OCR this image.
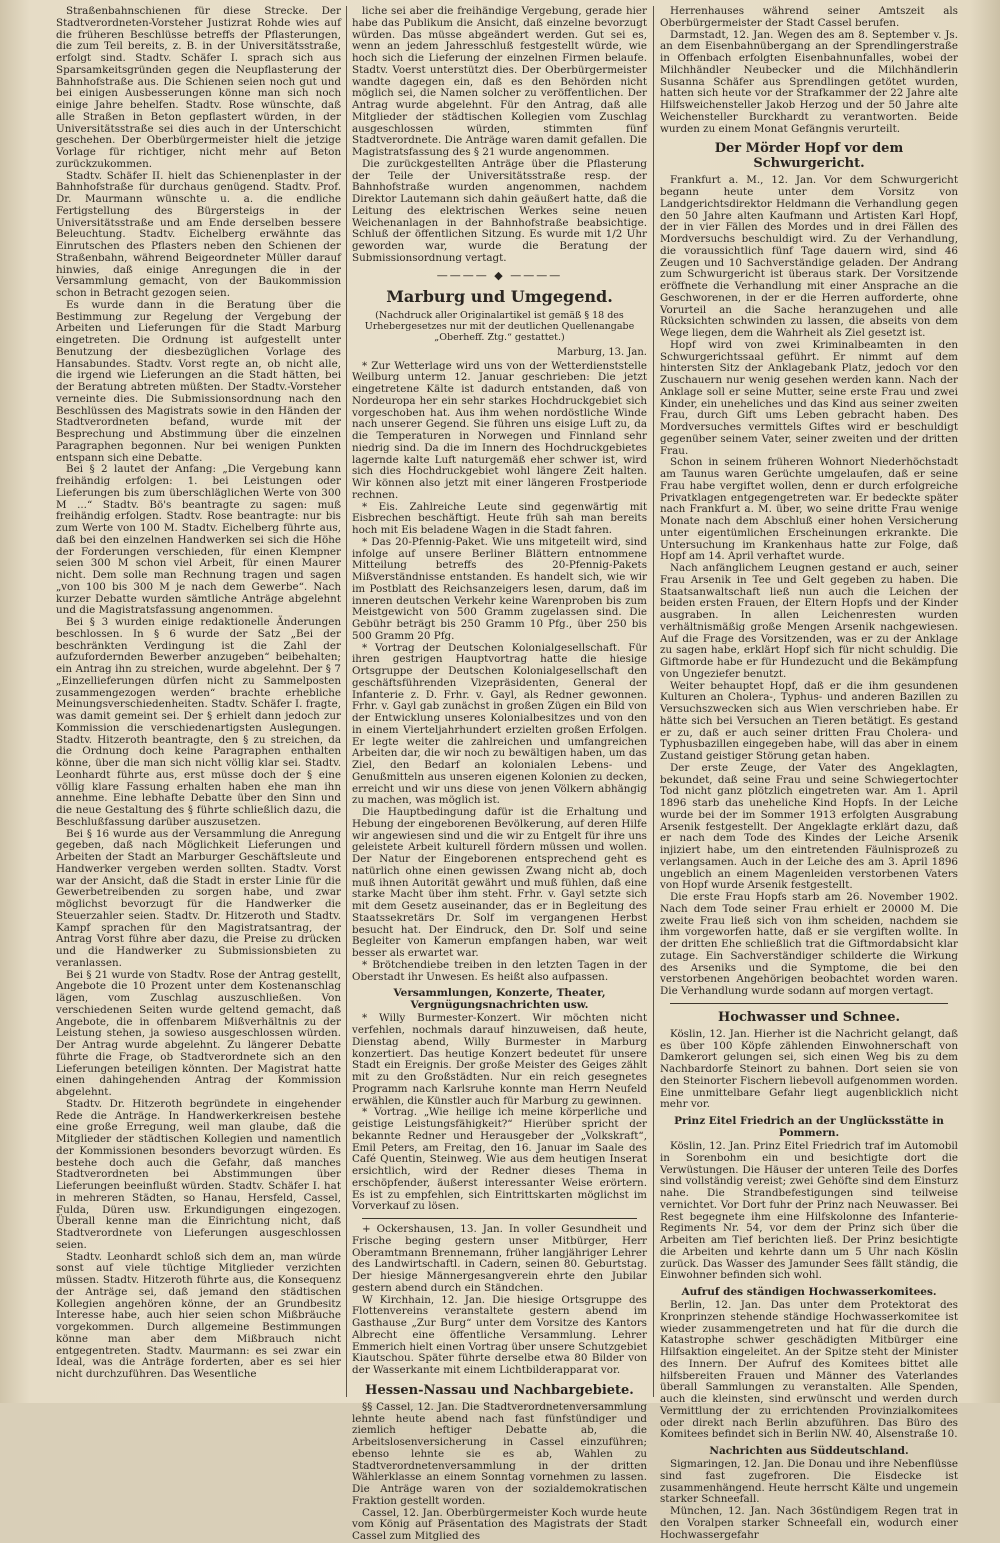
Straßenbahnschienen für diese Strecke. Der Stadtverordneten-Vorsteher Justizrat Rohde wies auf die früheren Beschlüsse betreffs der Pflasterungen, die zum Teil bereits, z. B. in der Universitätsstraße, erfolgt sind. Stadtv. Schäfer I. sprach sich aus Sparsamkeitsgründen gegen die Neupflasterung der Bahnhofstraße aus. Die Schienen seien noch gut und bei einigen Ausbesserungen könne man sich noch einige Jahre behelfen. Stadtv. Rose wünschte, daß alle Straßen in Beton gepflastert würden, in der Universitätsstraße sei dies auch in der Unterschicht geschehen. Der Oberbürgermeister hielt die jetzige Vorlage für richtiger, nicht mehr auf Beton zurückzukommen.

Stadtv. Schäfer II. hielt das Schienenplaster in der Bahnhofstraße für durchaus genügend. Stadtv. Prof. Dr. Maurmann wünschte u. a. die endliche Fertigstellung des Bürgersteigs in der Universitätsstraße und am Ende derselben bessere Beleuchtung. Stadtv. Eichelberg erwähnte das Einrutschen des Pflasters neben den Schienen der Straßenbahn, während Beigeordneter Müller darauf hinwies, daß einige Anregungen die in der Versammlung gemacht, von der Baukommission schon in Betracht gezogen seien.

Es wurde dann in die Beratung über die Bestimmung zur Regelung der Vergebung der Arbeiten und Lieferungen für die Stadt Marburg eingetreten. Die Ordnung ist aufgestellt unter Benutzung der diesbezüglichen Vorlage des Hansabundes. Stadtv. Vorst regte an, ob nicht alle, die irgend wie Lieferungen an die Stadt hätten, bei der Beratung abtreten müßten. Der Stadtv.-Vorsteher verneinte dies. Die Submissionsordnung nach den Beschlüssen des Magistrats sowie in den Händen der Stadtverordneten befand, wurde mit der Besprechung und Abstimmung über die einzelnen Paragraphen begonnen. Nur bei wenigen Punkten entspann sich eine Debatte.

Bei § 2 lautet der Anfang: „Die Vergebung kann freihändig erfolgen: 1. bei Leistungen oder Lieferungen bis zum überschläglichen Werte von 300 M ...“ Stadtv. Bö's beantragte zu sagen: muß freihändig erfolgen. Stadtv. Rose beantragte: nur bis zum Werte von 100 M. Stadtv. Eichelberg führte aus, daß bei den einzelnen Handwerken sei sich die Höhe der Forderungen verschieden, für einen Klempner seien 300 M schon viel Arbeit, für einen Maurer nicht. Dem solle man Rechnung tragen und sagen „von 100 bis 300 M je nach dem Gewerbe“. Nach kurzer Debatte wurden sämtliche Anträge abgelehnt und die Magistratsfassung angenommen.

Bei § 3 wurden einige redaktionelle Änderungen beschlossen. In § 6 wurde der Satz „Bei der beschränkten Verdingung ist die Zahl der aufzufordernden Bewerber anzugeben“ beibehalten; ein Antrag ihn zu streichen, wurde abgelehnt. Der § 7 „Einzellieferungen dürfen nicht zu Sammelposten zusammengezogen werden“ brachte erhebliche Meinungsverschiedenheiten. Stadtv. Schäfer I. fragte, was damit gemeint sei. Der § erhielt dann jedoch zur Kommission die verschiedenartigsten Auslegungen. Stadtv. Hitzeroth beantragte, den § zu streichen, da die Ordnung doch keine Paragraphen enthalten könne, über die man sich nicht völlig klar sei. Stadtv. Leonhardt führte aus, erst müsse doch der § eine völlig klare Fassung erhalten haben ehe man ihn annehme. Eine lebhafte Debatte über den Sinn und die neue Gestaltung des § führte schließlich dazu, die Beschlußfassung darüber auszusetzen.

Bei § 16 wurde aus der Versammlung die Anregung gegeben, daß nach Möglichkeit Lieferungen und Arbeiten der Stadt an Marburger Geschäftsleute und Handwerker vergeben werden sollten. Stadtv. Vorst war der Ansicht, daß die Stadt in erster Linie für die Gewerbetreibenden zu sorgen habe, und zwar möglichst bevorzugt für die Handwerker die Steuerzahler seien. Stadtv. Dr. Hitzeroth und Stadtv. Kampf sprachen für den Magistratsantrag, der Antrag Vorst führe aber dazu, die Preise zu drücken und die Handwerker zu Submissionsbieten zu veranlassen.

Bei § 21 wurde von Stadtv. Rose der Antrag gestellt, Angebote die 10 Prozent unter dem Kostenanschlag lägen, vom Zuschlag auszuschließen. Von verschiedenen Seiten wurde geltend gemacht, daß Angebote, die in offenbarem Mißverhältnis zu der Leistung stehen, ja sowieso ausgeschlossen würden. Der Antrag wurde abgelehnt. Zu längerer Debatte führte die Frage, ob Stadtverordnete sich an den Lieferungen beteiligen könnten. Der Magistrat hatte einen dahingehenden Antrag der Kommission abgelehnt.

Stadtv. Dr. Hitzeroth begründete in eingehender Rede die Anträge. In Handwerkerkreisen bestehe eine große Erregung, weil man glaube, daß die Mitglieder der städtischen Kollegien und namentlich der Kommissionen besonders bevorzugt würden. Es bestehe doch auch die Gefahr, daß manches Stadtverordneten bei Abstimmungen über Lieferungen beeinflußt würden. Stadtv. Schäfer I. hat in mehreren Städten, so Hanau, Hersfeld, Cassel, Fulda, Düren usw. Erkundigungen eingezogen. Überall kenne man die Einrichtung nicht, daß Stadtverordnete von Lieferungen ausgeschlossen seien.

Stadtv. Leonhardt schloß sich dem an, man würde sonst auf viele tüchtige Mitglieder verzichten müssen. Stadtv. Hitzeroth führte aus, die Konsequenz der Anträge sei, daß jemand den städtischen Kollegien angehören könne, der an Grundbesitz Interesse habe, auch hier seien schon Mißbräuche vorgekommen. Durch allgemeine Bestimmungen könne man aber dem Mißbrauch nicht entgegentreten. Stadtv. Maurmann: es sei zwar ein Ideal, was die Anträge forderten, aber es sei hier nicht durchzuführen. Das Wesentliche

liche sei aber die freihändige Vergebung, gerade hier habe das Publikum die Ansicht, daß einzelne bevorzugt würden. Das müsse abgeändert werden. Gut sei es, wenn an jedem Jahresschluß festgestellt würde, wie hoch sich die Lieferung der einzelnen Firmen belaufe. Stadtv. Voerst unterstützt dies. Der Oberbürgermeister wandte dagegen ein, daß es den Behörden nicht möglich sei, die Namen solcher zu veröffentlichen. Der Antrag wurde abgelehnt. Für den Antrag, daß alle Mitglieder der städtischen Kollegien vom Zuschlag ausgeschlossen würden, stimmten fünf Stadtverordnete. Die Anträge waren damit gefallen. Die Magistratsfassung des § 21 wurde angenommen.

Die zurückgestellten Anträge über die Pflasterung der Teile der Universitätsstraße resp. der Bahnhofstraße wurden angenommen, nachdem Direktor Lautemann sich dahin geäußert hatte, daß die Leitung des elektrischen Werkes seine neuen Weichenanlagen in der Bahnhofstraße beabsichtige. Schluß der öffentlichen Sitzung. Es wurde mit 1/2 Uhr geworden war, wurde die Beratung der Submissionsordnung vertagt.

———— ◆ ————
Marburg und Umgegend.
(Nachdruck aller Originalartikel ist gemäß § 18 des Urhebergesetzes nur mit der deutlichen Quellenangabe „Oberheff. Ztg.“ gestattet.)
Marburg, 13. Jan.

* Zur Wetterlage wird uns von der Wetterdienststelle Weilburg unterm 12. Januar geschrieben: Die jetzt eingetretene Kälte ist dadurch entstanden, daß von Nordeuropa her ein sehr starkes Hochdruckgebiet sich vorgeschoben hat. Aus ihm wehen nordöstliche Winde nach unserer Gegend. Sie führen uns eisige Luft zu, da die Temperaturen in Norwegen und Finnland sehr niedrig sind. Da die im Innern des Hochdruckgebietes lagernde kalte Luft naturgemäß eher schwer ist, wird sich dies Hochdruckgebiet wohl längere Zeit halten. Wir können also jetzt mit einer längeren Frostperiode rechnen.

* Eis. Zahlreiche Leute sind gegenwärtig mit Eisbrechen beschäftigt. Heute früh sah man bereits hoch mit Eis beladene Wagen in die Stadt fahren.

* Das 20-Pfennig-Paket. Wie uns mitgeteilt wird, sind infolge auf unsere Berliner Blättern entnommene Mitteilung betreffs des 20-Pfennig-Pakets Mißverständnisse entstanden. Es handelt sich, wie wir im Postblatt des Reichsanzeigers lesen, darum, daß im inneren deutschen Verkehr keine Warenproben bis zum Meistgewicht von 500 Gramm zugelassen sind. Die Gebühr beträgt bis 250 Gramm 10 Pfg., über 250 bis 500 Gramm 20 Pfg.

* Vortrag der Deutschen Kolonialgesellschaft. Für ihren gestrigen Hauptvortrag hatte die hiesige Ortsgruppe der Deutschen Kolonialgesellschaft den geschäftsführenden Vizepräsidenten, General der Infanterie z. D. Frhr. v. Gayl, als Redner gewonnen. Frhr. v. Gayl gab zunächst in großen Zügen ein Bild von der Entwicklung unseres Kolonialbesitzes und von den in einem Vierteljahrhundert erzielten großen Erfolgen. Er legte weiter die zahlreichen und umfangreichen Arbeiten dar, die wir noch zu bewältigen haben, um das Ziel, den Bedarf an kolonialen Lebens- und Genußmitteln aus unseren eigenen Kolonien zu decken, erreicht und wir uns diese von jenen Völkern abhängig zu machen, was möglich ist.

Die Hauptbedingung dafür ist die Erhaltung und Hebung der eingeborenen Bevölkerung, auf deren Hilfe wir angewiesen sind und die wir zu Entgelt für ihre uns geleistete Arbeit kulturell fördern müssen und wollen. Der Natur der Eingeborenen entsprechend geht es natürlich ohne einen gewissen Zwang nicht ab, doch muß ihnen Autorität gewährt und muß fühlen, daß eine starke Macht über ihm steht. Frhr. v. Gayl setzte sich mit dem Gesetz auseinander, das er in Begleitung des Staatssekretärs Dr. Solf im vergangenen Herbst besucht hat. Der Eindruck, den Dr. Solf und seine Begleiter von Kamerun empfangen haben, war weit besser als erwartet war.

* Brötchendiebe treiben in den letzten Tagen in der Oberstadt ihr Unwesen. Es heißt also aufpassen.

Versammlungen, Konzerte, Theater, Vergnügungsnachrichten usw.

* Willy Burmester-Konzert. Wir möchten nicht verfehlen, nochmals darauf hinzuweisen, daß heute, Dienstag abend, Willy Burmester in Marburg konzertiert. Das heutige Konzert bedeutet für unsere Stadt ein Ereignis. Der große Meister des Geiges zählt mit zu den Großstädten. Nur ein reich gesegnetes Programm nach Karlsruhe konnte man Herrn Neufeld erwählen, die Künstler auch für Marburg zu gewinnen.

* Vortrag. „Wie heilige ich meine körperliche und geistige Leistungsfähigkeit?“ Hierüber spricht der bekannte Redner und Herausgeber der „Volkskraft“, Emil Peters, am Freitag, den 16. Januar im Saale des Café Quentin, Steinweg. Wie aus dem heutigen Inserat ersichtlich, wird der Redner dieses Thema in erschöpfender, äußerst interessanter Weise erörtern. Es ist zu empfehlen, sich Eintrittskarten möglichst im Vorverkauf zu lösen.

+ Ockershausen, 13. Jan. In voller Gesundheit und Frische beging gestern unser Mitbürger, Herr Oberamtmann Brennemann, früher langjähriger Lehrer des Landwirtschaftl. in Cadern, seinen 80. Geburtstag. Der hiesige Männergesangverein ehrte den Jubilar gestern abend durch ein Ständchen.

W Kirchhain, 12. Jan. Die hiesige Ortsgruppe des Flottenvereins veranstaltete gestern abend im Gasthause „Zur Burg“ unter dem Vorsitze des Kantors Albrecht eine öffentliche Versammlung. Lehrer Emmerich hielt einen Vortrag über unsere Schutzgebiet Kiautschou. Später führte derselbe etwa 80 Bilder von der Wasserkante mit einem Lichtbilderapparat vor.

Hessen-Nassau und Nachbargebiete.

§§ Cassel, 12. Jan. Die Stadtverordnetenversammlung lehnte heute abend nach fast fünfstündiger und ziemlich heftiger Debatte ab, die Arbeitslosenversicherung in Cassel einzuführen; ebenso lehnte sie es ab, Wahlen zu Stadtverordnetenversammlung in der dritten Wählerklasse an einem Sonntag vornehmen zu lassen. Die Anträge waren von der sozialdemokratischen Fraktion gestellt worden.

Cassel, 12. Jan. Oberbürgermeister Koch wurde heute vom König auf Präsentation des Magistrats der Stadt Cassel zum Mitglied des

Herrenhauses während seiner Amtszeit als Oberbürgermeister der Stadt Cassel berufen.

Darmstadt, 12. Jan. Wegen des am 8. September v. Js. an dem Eisenbahnübergang an der Sprendlingerstraße in Offenbach erfolgten Eisenbahnunfalles, wobei der Milchhändler Neubecker und die Milchhändlerin Susanna Schäfer aus Sprendlingen getötet wurden, hatten sich heute vor der Strafkammer der 22 Jahre alte Hilfsweichensteller Jakob Herzog und der 50 Jahre alte Weichensteller Burckhardt zu verantworten. Beide wurden zu einem Monat Gefängnis verurteilt.

Der Mörder Hopf vor dem Schwurgericht.

Frankfurt a. M., 12. Jan. Vor dem Schwurgericht begann heute unter dem Vorsitz von Landgerichtsdirektor Heldmann die Verhandlung gegen den 50 Jahre alten Kaufmann und Artisten Karl Hopf, der in vier Fällen des Mordes und in drei Fällen des Mordversuchs beschuldigt wird. Zu der Verhandlung, die voraussichtlich fünf Tage dauern wird, sind 46 Zeugen und 10 Sachverständige geladen. Der Andrang zum Schwurgericht ist überaus stark. Der Vorsitzende eröffnete die Verhandlung mit einer Ansprache an die Geschworenen, in der er die Herren aufforderte, ohne Vorurteil an die Sache heranzugehen und alle Rücksichten schwinden zu lassen, die abseits von dem Wege liegen, dem die Wahrheit als Ziel gesetzt ist.

Hopf wird von zwei Kriminalbeamten in den Schwurgerichtssaal geführt. Er nimmt auf dem hintersten Sitz der Anklagebank Platz, jedoch vor den Zuschauern nur wenig gesehen werden kann. Nach der Anklage soll er seine Mutter, seine erste Frau und zwei Kinder, ein uneheliches und das Kind aus seiner zweiten Frau, durch Gift ums Leben gebracht haben. Des Mordversuches vermittels Giftes wird er beschuldigt gegenüber seinem Vater, seiner zweiten und der dritten Frau.

Schon in seinem früheren Wohnort Niederhöchstadt am Taunus waren Gerüchte umgelaufen, daß er seine Frau habe vergiftet wollen, denn er durch erfolgreiche Privatklagen entgegengetreten war. Er bedeckte später nach Frankfurt a. M. über, wo seine dritte Frau wenige Monate nach dem Abschluß einer hohen Versicherung unter eigentümlichen Erscheinungen erkrankte. Die Untersuchung im Krankenhaus hatte zur Folge, daß Hopf am 14. April verhaftet wurde.

Nach anfänglichem Leugnen gestand er auch, seiner Frau Arsenik in Tee und Gelt gegeben zu haben. Die Staatsanwaltschaft ließ nun auch die Leichen der beiden ersten Frauen, der Eltern Hopfs und der Kinder ausgraben. In allen Leichenresten wurden verhältnismäßig große Mengen Arsenik nachgewiesen. Auf die Frage des Vorsitzenden, was er zu der Anklage zu sagen habe, erklärt Hopf sich für nicht schuldig. Die Giftmorde habe er für Hundezucht und die Bekämpfung von Ungeziefer benutzt.

Weiter behauptet Hopf, daß er die ihm gesundenen Kulturen an Cholera-, Typhus- und anderen Bazillen zu Versuchszwecken sich aus Wien verschrieben habe. Er hätte sich bei Versuchen an Tieren betätigt. Es gestand er zu, daß er auch seiner dritten Frau Cholera- und Typhusbazillen eingegeben habe, will das aber in einem Zustand geistiger Störung getan haben.

Der erste Zeuge, der Vater des Angeklagten, bekundet, daß seine Frau und seine Schwiegertochter Tod nicht ganz plötzlich eingetreten war. Am 1. April 1896 starb das uneheliche Kind Hopfs. In der Leiche wurde bei der im Sommer 1913 erfolgten Ausgrabung Arsenik festgestellt. Der Angeklagte erklärt dazu, daß er nach dem Tode des Kindes der Leiche Arsenik injiziert habe, um den eintretenden Fäulnisprozeß zu verlangsamen. Auch in der Leiche des am 3. April 1896 ungeblich an einem Magenleiden verstorbenen Vaters von Hopf wurde Arsenik festgestellt.

Die erste Frau Hopfs starb am 26. November 1902. Nach dem Tode seiner Frau erhielt er 20000 M. Die zweite Frau ließ sich von ihm scheiden, nachdem sie ihm vorgeworfen hatte, daß er sie vergiften wollte. In der dritten Ehe schließlich trat die Giftmordabsicht klar zutage. Ein Sachverständiger schilderte die Wirkung des Arseniks und die Symptome, die bei den verstorbenen Angehörigen beobachtet worden waren. Die Verhandlung wurde sodann auf morgen vertagt.

Hochwasser und Schnee.

Köslin, 12. Jan. Hierher ist die Nachricht gelangt, daß es über 100 Köpfe zählenden Einwohnerschaft von Damkerort gelungen sei, sich einen Weg bis zu dem Nachbardorfe Steinort zu bahnen. Dort seien sie von den Steinorter Fischern liebevoll aufgenommen worden. Eine unmittelbare Gefahr liegt augenblicklich nicht mehr vor.

Prinz Eitel Friedrich an der Unglücksstätte in Pommern.

Köslin, 12. Jan. Prinz Eitel Friedrich traf im Automobil in Sorenbohm ein und besichtigte dort die Verwüstungen. Die Häuser der unteren Teile des Dorfes sind vollständig vereist; zwei Gehöfte sind dem Einsturz nahe. Die Strandbefestigungen sind teilweise vernichtet. Vor Dort fuhr der Prinz nach Neuwasser. Bei Rest begegnete ihm eine Hilfskolonne des Infanterie-Regiments Nr. 54, vor dem der Prinz sich über die Arbeiten am Tief berichten ließ. Der Prinz besichtigte die Arbeiten und kehrte dann um 5 Uhr nach Köslin zurück. Das Wasser des Jamunder Sees fällt ständig, die Einwohner befinden sich wohl.

Aufruf des ständigen Hochwasserkomitees.

Berlin, 12. Jan. Das unter dem Protektorat des Kronprinzen stehende ständige Hochwasserkomitee ist wieder zusammengetreten und hat für die durch die Katastrophe schwer geschädigten Mitbürger eine Hilfsaktion eingeleitet. An der Spitze steht der Minister des Innern. Der Aufruf des Komitees bittet alle hilfsbereiten Frauen und Männer des Vaterlandes überall Sammlungen zu veranstalten. Alle Spenden, auch die kleinsten, sind erwünscht und werden durch Vermittlung der zu errichtenden Provinzialkomitees oder direkt nach Berlin abzuführen. Das Büro des Komitees befindet sich in Berlin NW. 40, Alsenstraße 10.

Nachrichten aus Süddeutschland.

Sigmaringen, 12. Jan. Die Donau und ihre Nebenflüsse sind fast zugefroren. Die Eisdecke ist zusammenhängend. Heute herrscht Kälte und ungemein starker Schneefall.

München, 12. Jan. Nach 36stündigem Regen trat in den Voralpen starker Schneefall ein, wodurch einer Hochwassergefahr
